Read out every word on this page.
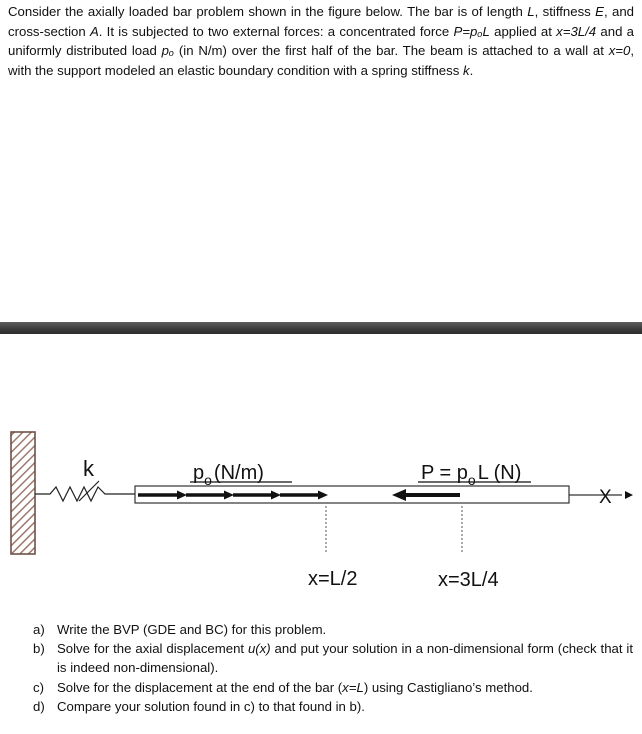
Consider the axially loaded bar problem shown in the figure below. The bar is of length L, stiffness E, and cross-section A. It is subjected to two external forces: a concentrated force P=pₒL applied at x=3L/4 and a uniformly distributed load pₒ (in N/m) over the first half of the bar. The beam is attached to a wall at x=0, with the support modeled an elastic boundary condition with a spring stiffness k.

k	$p_o$ (N/m)	$P = p_o$ L (N)
X
x=L/2	x=3L/4
a) Write the BVP (GDE and BC) for this problem.
b) Solve for the axial displacement u(x) and put your solution in a non-dimensional form (check that it is indeed non-dimensional).
c) Solve for the displacement at the end of the bar (x=L) using Castigliano’s method.
d) Compare your solution found in c) to that found in b).
